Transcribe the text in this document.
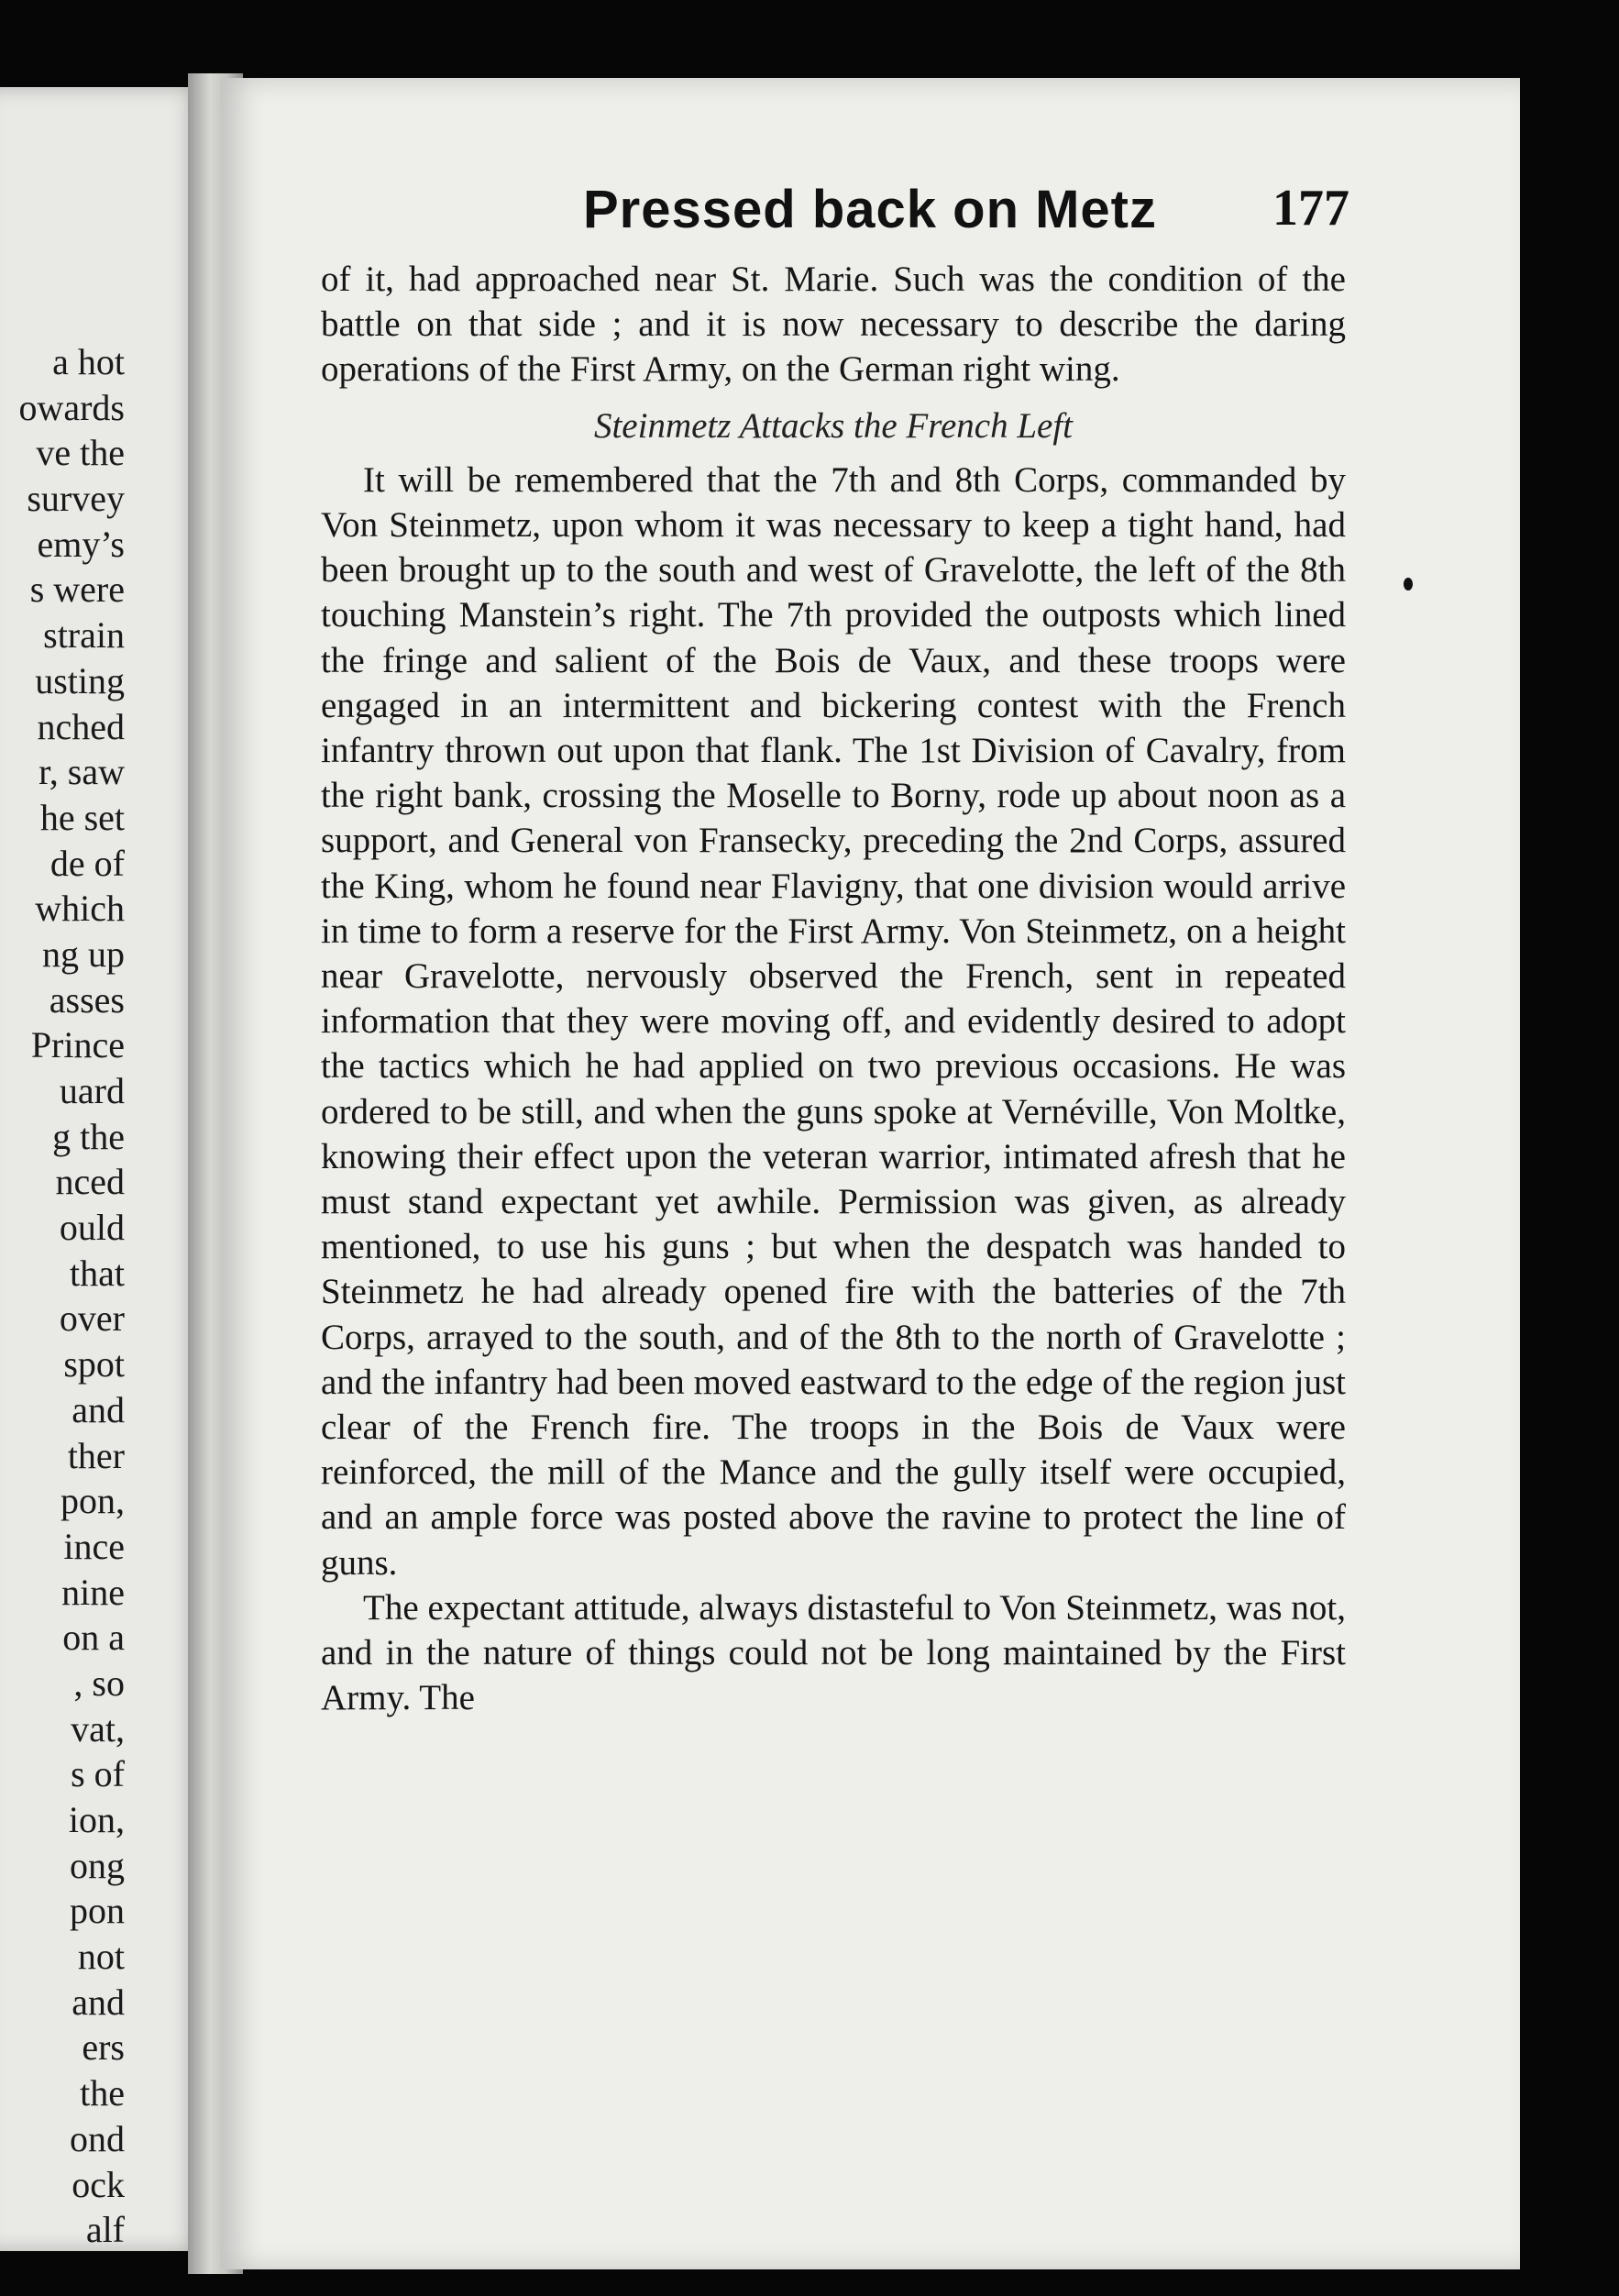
a hot
owards
ve the
survey
emy’s
s were
strain
usting
nched
r, saw
he set
de of
which
ng up
asses
Prince
uard
g the
nced
ould
that
over
spot
and
ther
pon,
ince
nine
on a
, so
vat,
s of
ion,
ong
pon
not
and
ers
the
ond
ock
alf
Pressed back on Metz	177

of it, had approached near St. Marie. Such was the condition of the battle on that side ; and it is now necessary to describe the daring operations of the First Army, on the German right wing.

Steinmetz Attacks the French Left

It will be remembered that the 7th and 8th Corps, commanded by Von Steinmetz, upon whom it was necessary to keep a tight hand, had been brought up to the south and west of Gravelotte, the left of the 8th touching Manstein’s right. The 7th provided the outposts which lined the fringe and salient of the Bois de Vaux, and these troops were engaged in an intermittent and bickering contest with the French infantry thrown out upon that flank. The 1st Division of Cavalry, from the right bank, crossing the Moselle to Borny, rode up about noon as a support, and General von Fransecky, preceding the 2nd Corps, assured the King, whom he found near Flavigny, that one division would arrive in time to form a reserve for the First Army. Von Steinmetz, on a height near Gravelotte, nervously observed the French, sent in repeated information that they were moving off, and evidently desired to adopt the tactics which he had applied on two previous occasions. He was ordered to be still, and when the guns spoke at Vernéville, Von Moltke, knowing their effect upon the veteran warrior, intimated afresh that he must stand expectant yet awhile. Permission was given, as already mentioned, to use his guns ; but when the despatch was handed to Steinmetz he had already opened fire with the batteries of the 7th Corps, arrayed to the south, and of the 8th to the north of Gravelotte ; and the infantry had been moved eastward to the edge of the region just clear of the French fire. The troops in the Bois de Vaux were reinforced, the mill of the Mance and the gully itself were occupied, and an ample force was posted above the ravine to protect the line of guns.

The expectant attitude, always distasteful to Von Steinmetz, was not, and in the nature of things could not be long maintained by the First Army. The
